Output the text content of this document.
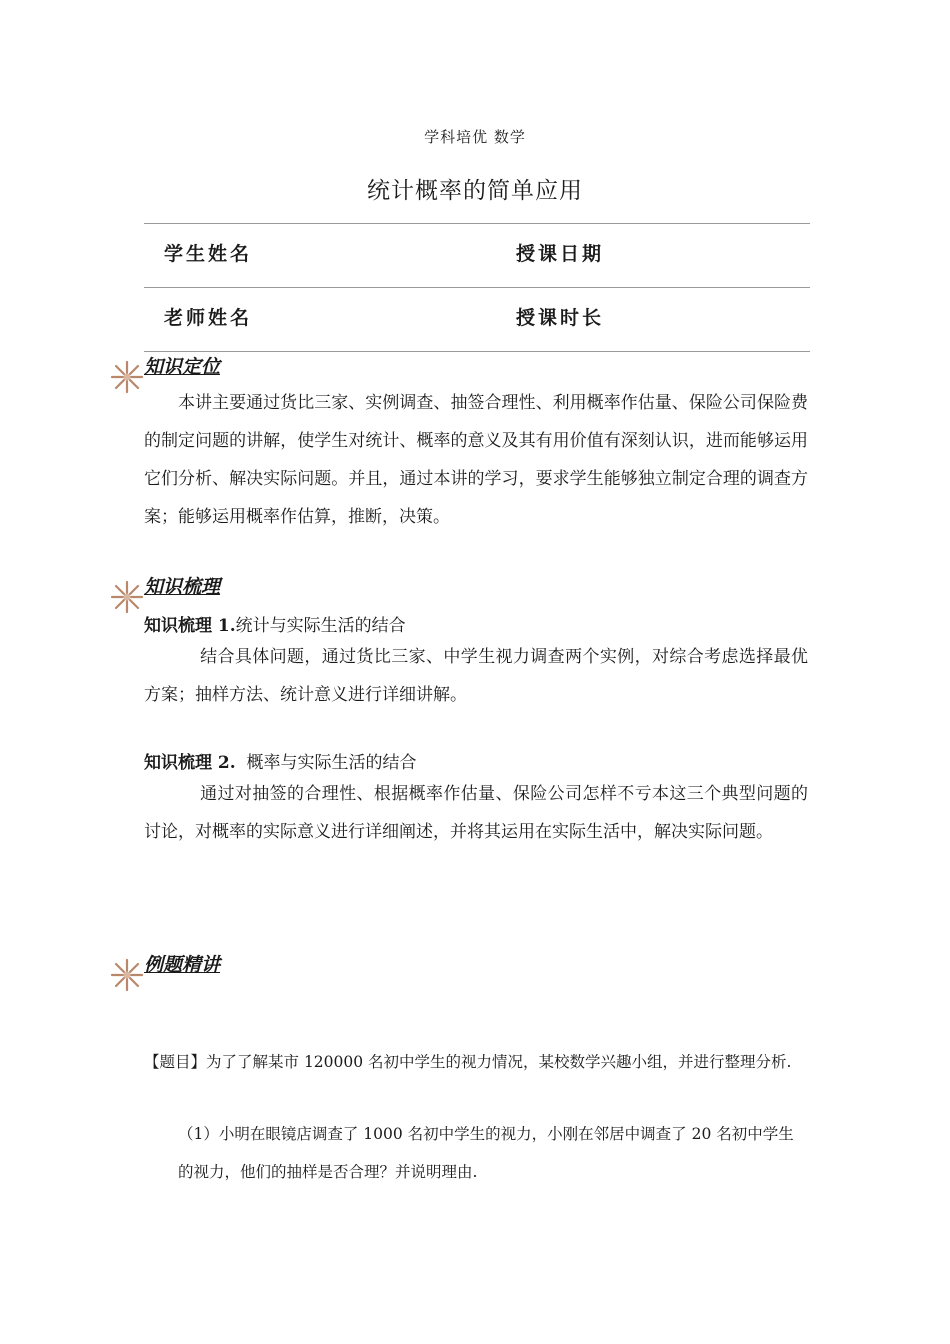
学科培优 数学
统计概率的简单应用
学生姓名	授课日期
老师姓名	授课时长
知识定位
本讲主要通过货比三家、实例调查、抽签合理性、利用概率作估量、保险公司保险费的制定问题的讲解，使学生对统计、概率的意义及其有用价值有深刻认识，进而能够运用它们分析、解决实际问题。并且，通过本讲的学习，要求学生能够独立制定合理的调查方案；能够运用概率作估算，推断，决策。
知识梳理
知识梳理 1.统计与实际生活的结合
结合具体问题，通过货比三家、中学生视力调查两个实例，对综合考虑选择最优方案；抽样方法、统计意义进行详细讲解。
知识梳理 2.  概率与实际生活的结合
通过对抽签的合理性、根据概率作估量、保险公司怎样不亏本这三个典型问题的讨论，对概率的实际意义进行详细阐述，并将其运用在实际生活中，解决实际问题。
例题精讲
【题目】为了了解某市 120000 名初中学生的视力情况，某校数学兴趣小组，并进行整理分析.
（1）小明在眼镜店调查了 1000 名初中学生的视力，小刚在邻居中调查了 20 名初中学生的视力，他们的抽样是否合理？并说明理由.
